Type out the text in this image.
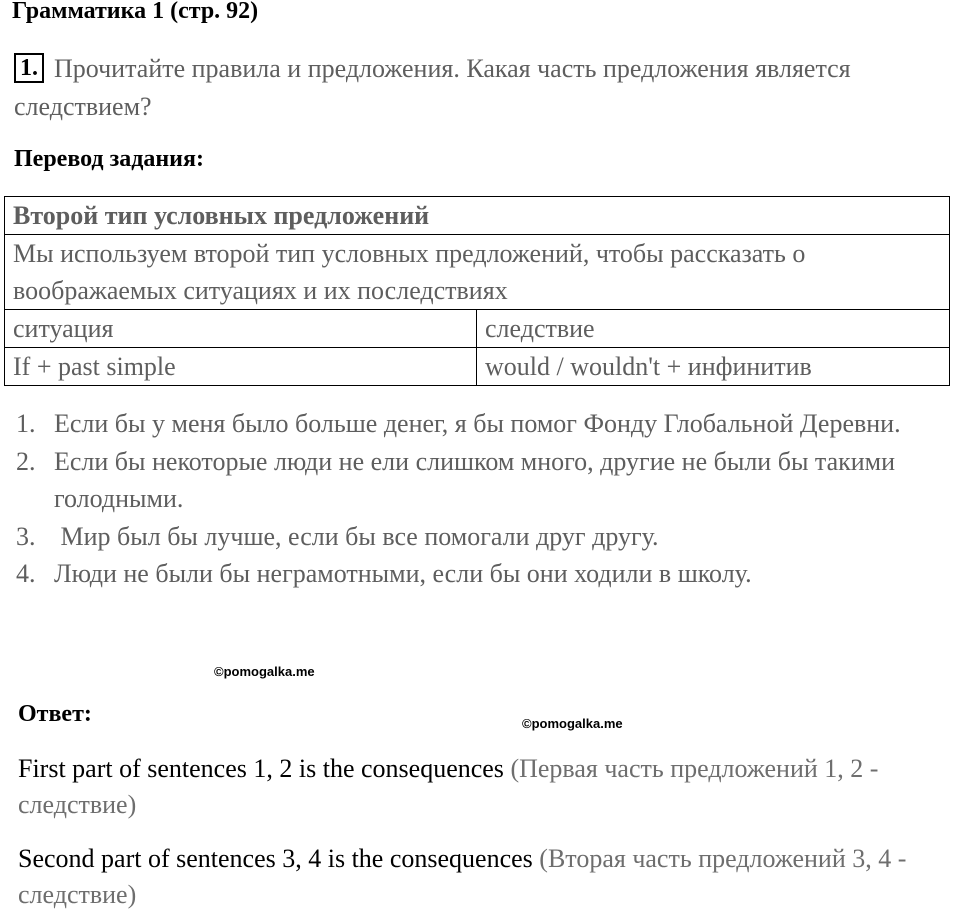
Грамматика 1 (стр. 92)
1. Прочитайте правила и предложения. Какая часть предложения является следствием?
Перевод задания:
Второй тип условных предложений	
Мы используем второй тип условных предложений, чтобы рассказать о воображаемых ситуациях и их последствиях	
ситуация	следствие
If + past simple	would / wouldn't + инфинитив
1. Если бы у меня было больше денег, я бы помог Фонду Глобальной Деревни.
2. Если бы некоторые люди не ели слишком много, другие не были бы такими голодными.
3. Мир был бы лучше, если бы все помогали друг другу.
4. Люди не были бы неграмотными, если бы они ходили в школу.
©pomogalka.me
Ответ:	©pomogalka.me
First part of sentences 1, 2 is the consequences (Первая часть предложений 1, 2 - следствие)
Second part of sentences 3, 4 is the consequences (Вторая часть предложений 3, 4 - следствие)
